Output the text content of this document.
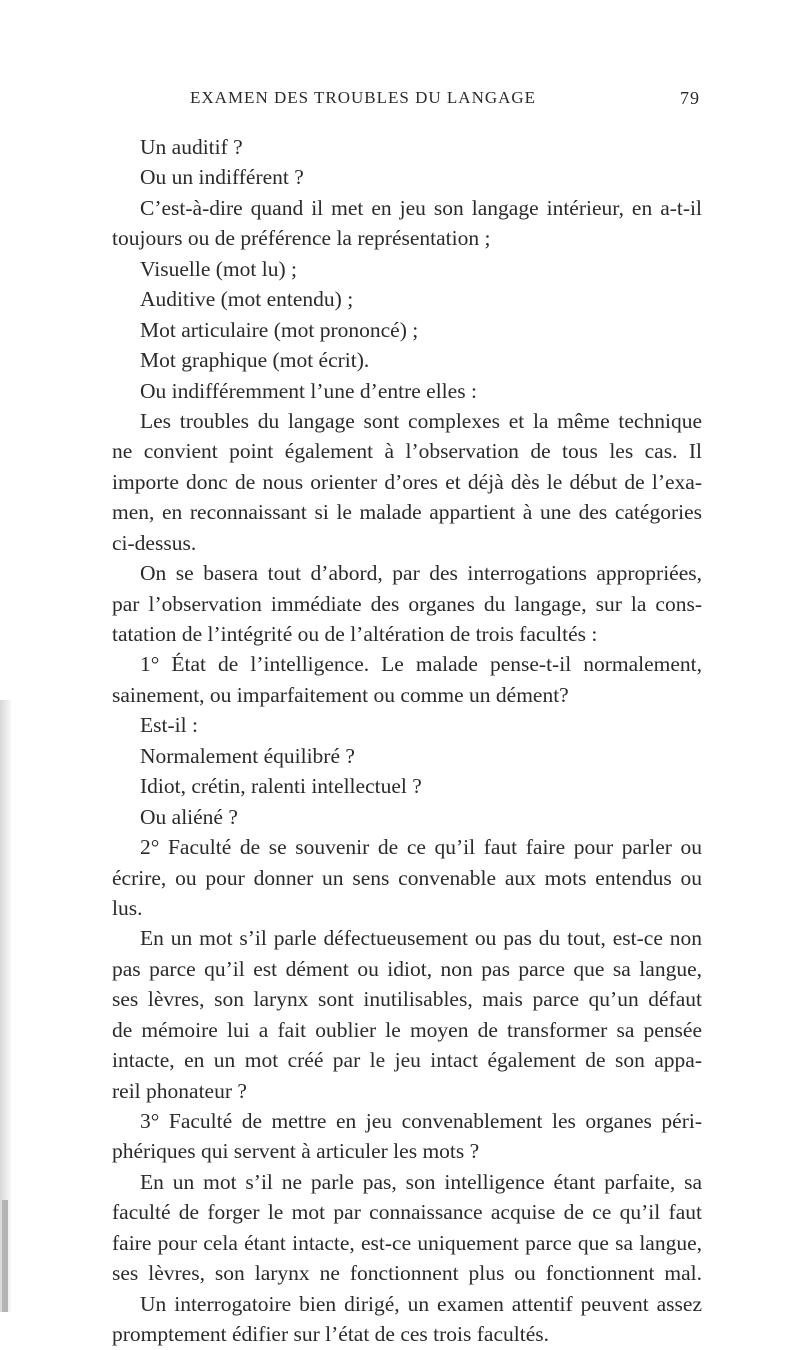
EXAMEN DES TROUBLES DU LANGAGE	79
Un auditif ?
Ou un indifférent ?
C’est-à-dire quand il met en jeu son langage intérieur, en a-t-il
toujours ou de préférence la représentation ;
Visuelle (mot lu) ;
Auditive (mot entendu) ;
Mot articulaire (mot prononcé) ;
Mot graphique (mot écrit).
Ou indifféremment l’une d’entre elles :
Les troubles du langage sont complexes et la même technique
ne convient point également à l’observation de tous les cas. Il
importe donc de nous orienter d’ores et déjà dès le début de l’exa-
men, en reconnaissant si le malade appartient à une des catégories
ci-dessus.
On se basera tout d’abord, par des interrogations appropriées,
par l’observation immédiate des organes du langage, sur la cons-
tatation de l’intégrité ou de l’altération de trois facultés :
1° État de l’intelligence. Le malade pense-t-il normalement,
sainement, ou imparfaitement ou comme un dément?
Est-il :
Normalement équilibré ?
Idiot, crétin, ralenti intellectuel ?
Ou aliéné ?
2° Faculté de se souvenir de ce qu’il faut faire pour parler ou
écrire, ou pour donner un sens convenable aux mots entendus ou
lus.
En un mot s’il parle défectueusement ou pas du tout, est-ce non
pas parce qu’il est dément ou idiot, non pas parce que sa langue,
ses lèvres, son larynx sont inutilisables, mais parce qu’un défaut
de mémoire lui a fait oublier le moyen de transformer sa pensée
intacte, en un mot créé par le jeu intact également de son appa-
reil phonateur ?
3° Faculté de mettre en jeu convenablement les organes péri-
phériques qui servent à articuler les mots ?
En un mot s’il ne parle pas, son intelligence étant parfaite, sa
faculté de forger le mot par connaissance acquise de ce qu’il faut
faire pour cela étant intacte, est-ce uniquement parce que sa langue,
ses lèvres, son larynx ne fonctionnent plus ou fonctionnent mal.
Un interrogatoire bien dirigé, un examen attentif peuvent assez
promptement édifier sur l’état de ces trois facultés.
